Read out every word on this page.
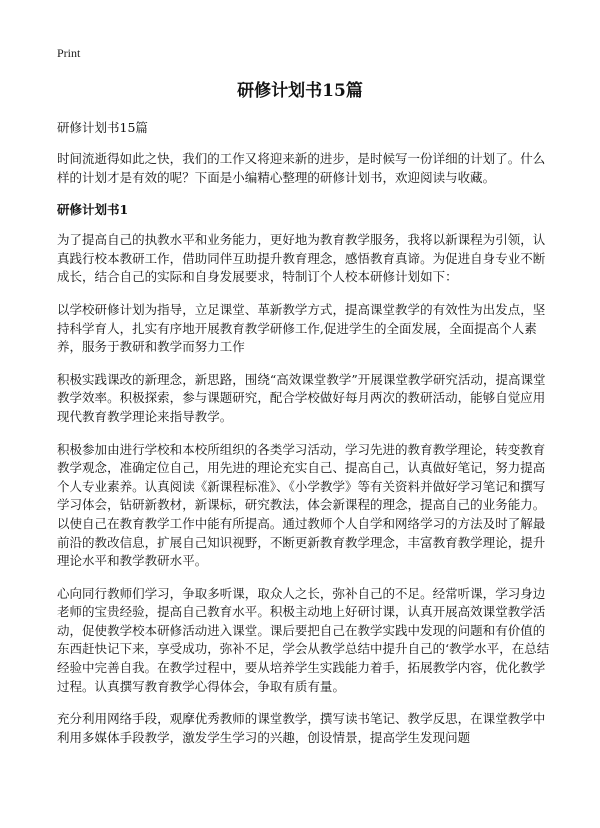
Print
研修计划书15篇
研修计划书15篇

时间流逝得如此之快，我们的工作又将迎来新的进步，是时候写一份详细的计划了。什么样的计划才是有效的呢？下面是小编精心整理的研修计划书，欢迎阅读与收藏。

研修计划书1

为了提高自己的执教水平和业务能力，更好地为教育教学服务，我将以新课程为引领，认真践行校本教研工作，借助同伴互助提升教育理念，感悟教育真谛。为促进自身专业不断成长，结合自己的实际和自身发展要求，特制订个人校本研修计划如下：

以学校研修计划为指导，立足课堂、革新教学方式，提高课堂教学的有效性为出发点，坚持科学育人，扎实有序地开展教育教学研修工作,促进学生的全面发展，全面提高个人素养，服务于教研和教学而努力工作

积极实践课改的新理念，新思路，围绕“高效课堂教学”开展课堂教学研究活动，提高课堂教学效率。积极探索，参与课题研究，配合学校做好每月两次的教研活动，能够自觉应用现代教育教学理论来指导教学。

积极参加由进行学校和本校所组织的各类学习活动，学习先进的教育教学理论，转变教育教学观念，准确定位自己，用先进的理论充实自己、提高自己，认真做好笔记，努力提高个人专业素养。认真阅读《新课程标准》、《小学教学》等有关资料并做好学习笔记和撰写学习体会，钻研新教材，新课标，研究教法，体会新课程的理念，提高自己的业务能力。以使自己在教育教学工作中能有所提高。通过教师个人自学和网络学习的方法及时了解最前沿的教改信息，扩展自己知识视野，不断更新教育教学理念，丰富教育教学理论，提升理论水平和教学教研水平。

心向同行教师们学习，争取多听课，取众人之长，弥补自己的不足。经常听课，学习身边老师的宝贵经验，提高自己教育水平。积极主动地上好研讨课，认真开展高效课堂教学活动，促使教学校本研修活动进入课堂。课后要把自己在教学实践中发现的问题和有价值的东西赶快记下来，享受成功，弥补不足，学会从教学总结中提升自己的‘教学水平，在总结经验中完善自我。在教学过程中，要从培养学生实践能力着手，拓展教学内容，优化教学过程。认真撰写教育教学心得体会，争取有质有量。

充分利用网络手段，观摩优秀教师的课堂教学，撰写读书笔记、教学反思，在课堂教学中利用多媒体手段教学，激发学生学习的兴趣，创设情景，提高学生发现问题
